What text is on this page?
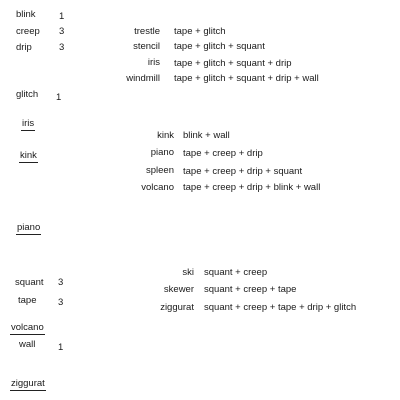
blink 1
creep 3
drip	3
glitch 1
iris
kink
piano
squant 3
tape 3
volcano
wall 1
ziggurat
trestle tape + glitch
stencil tape + glitch + squant
iris tape + glitch + squant + drip
windmill tape + glitch + squant + drip + wall
kink blink + wall
piano tape + creep + drip
spleen tape + creep + drip + squant
volcano tape + creep + drip + blink + wall
ski squant + creep
skewer squant + creep + tape
ziggurat squant + creep + tape + drip + glitch
